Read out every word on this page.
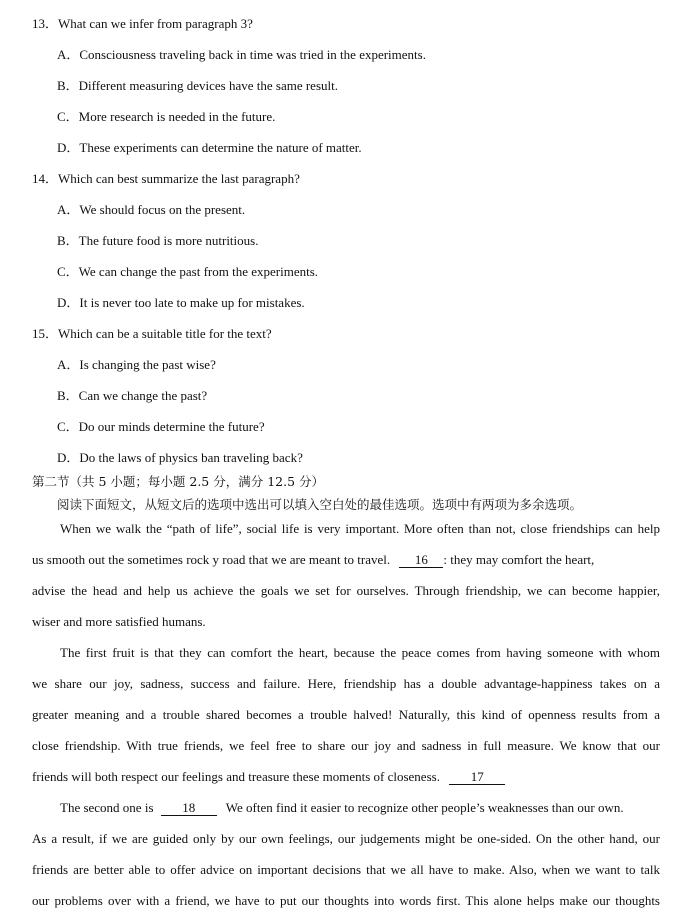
13．What can we infer from paragraph 3?
A．Consciousness traveling back in time was tried in the experiments.
B．Different measuring devices have the same result.
C．More research is needed in the future.
D．These experiments can determine the nature of matter.
14．Which can best summarize the last paragraph?
A．We should focus on the present.
B．The future food is more nutritious.
C．We can change the past from the experiments.
D．It is never too late to make up for mistakes.
15．Which can be a suitable title for the text?
A．Is changing the past wise?
B．Can we change the past?
C．Do our minds determine the future?
D．Do the laws of physics ban traveling back?
第二节（共 5 小题；每小题 2.5 分，满分 12.5 分）
阅读下面短文，从短文后的选项中选出可以填入空白处的最佳选项。选项中有两项为多余选项。
When we walk the “path of life”, social life is very important. More often than not, close friendships can help
us smooth out the sometimes rock y road that we are meant to travel. 16 : they may comfort the heart,
advise the head and help us achieve the goals we set for ourselves. Through friendship, we can become happier,
wiser and more satisfied humans.
The first fruit is that they can comfort the heart, because the peace comes from having someone with whom
we share our joy, sadness, success and failure. Here, friendship has a double advantage-happiness takes on a
greater meaning and a trouble shared becomes a trouble halved! Naturally, this kind of openness results from a
close friendship. With true friends, we feel free to share our joy and sadness in full measure. We know that our
friends will both respect our feelings and treasure these moments of closeness. 17
The second one is 18 We often find it easier to recognize other people’s weaknesses than our own.
As a result, if we are guided only by our own feelings, our judgements might be one-sided. On the other hand, our
friends are better able to offer advice on important decisions that we all have to make. Also, when we want to talk
our problems over with a friend, we have to put our thoughts into words first. This alone helps make our thoughts
